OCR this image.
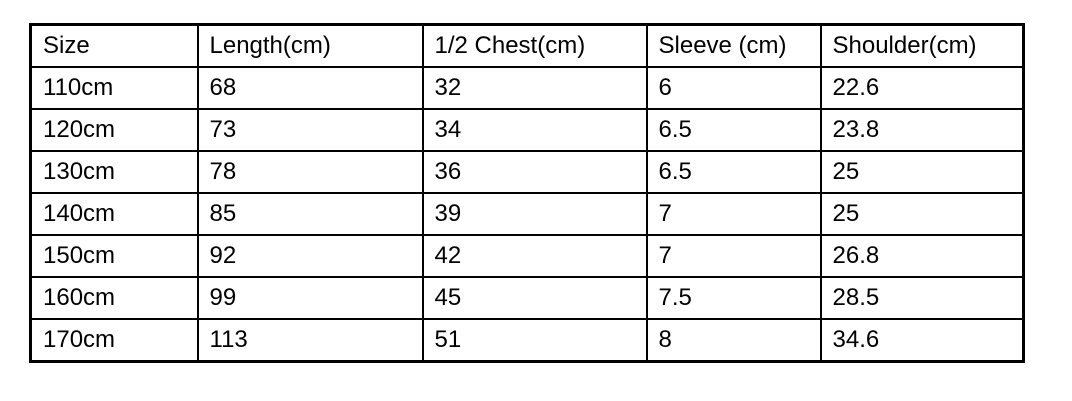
Size	Length(cm)	1/2 Chest(cm)	Sleeve (cm)	Shoulder(cm)
110cm	68	32	6	22.6
120cm	73	34	6.5	23.8
130cm	78	36	6.5	25
140cm	85	39	7	25
150cm	92	42	7	26.8
160cm	99	45	7.5	28.5
170cm	113	51	8	34.6
